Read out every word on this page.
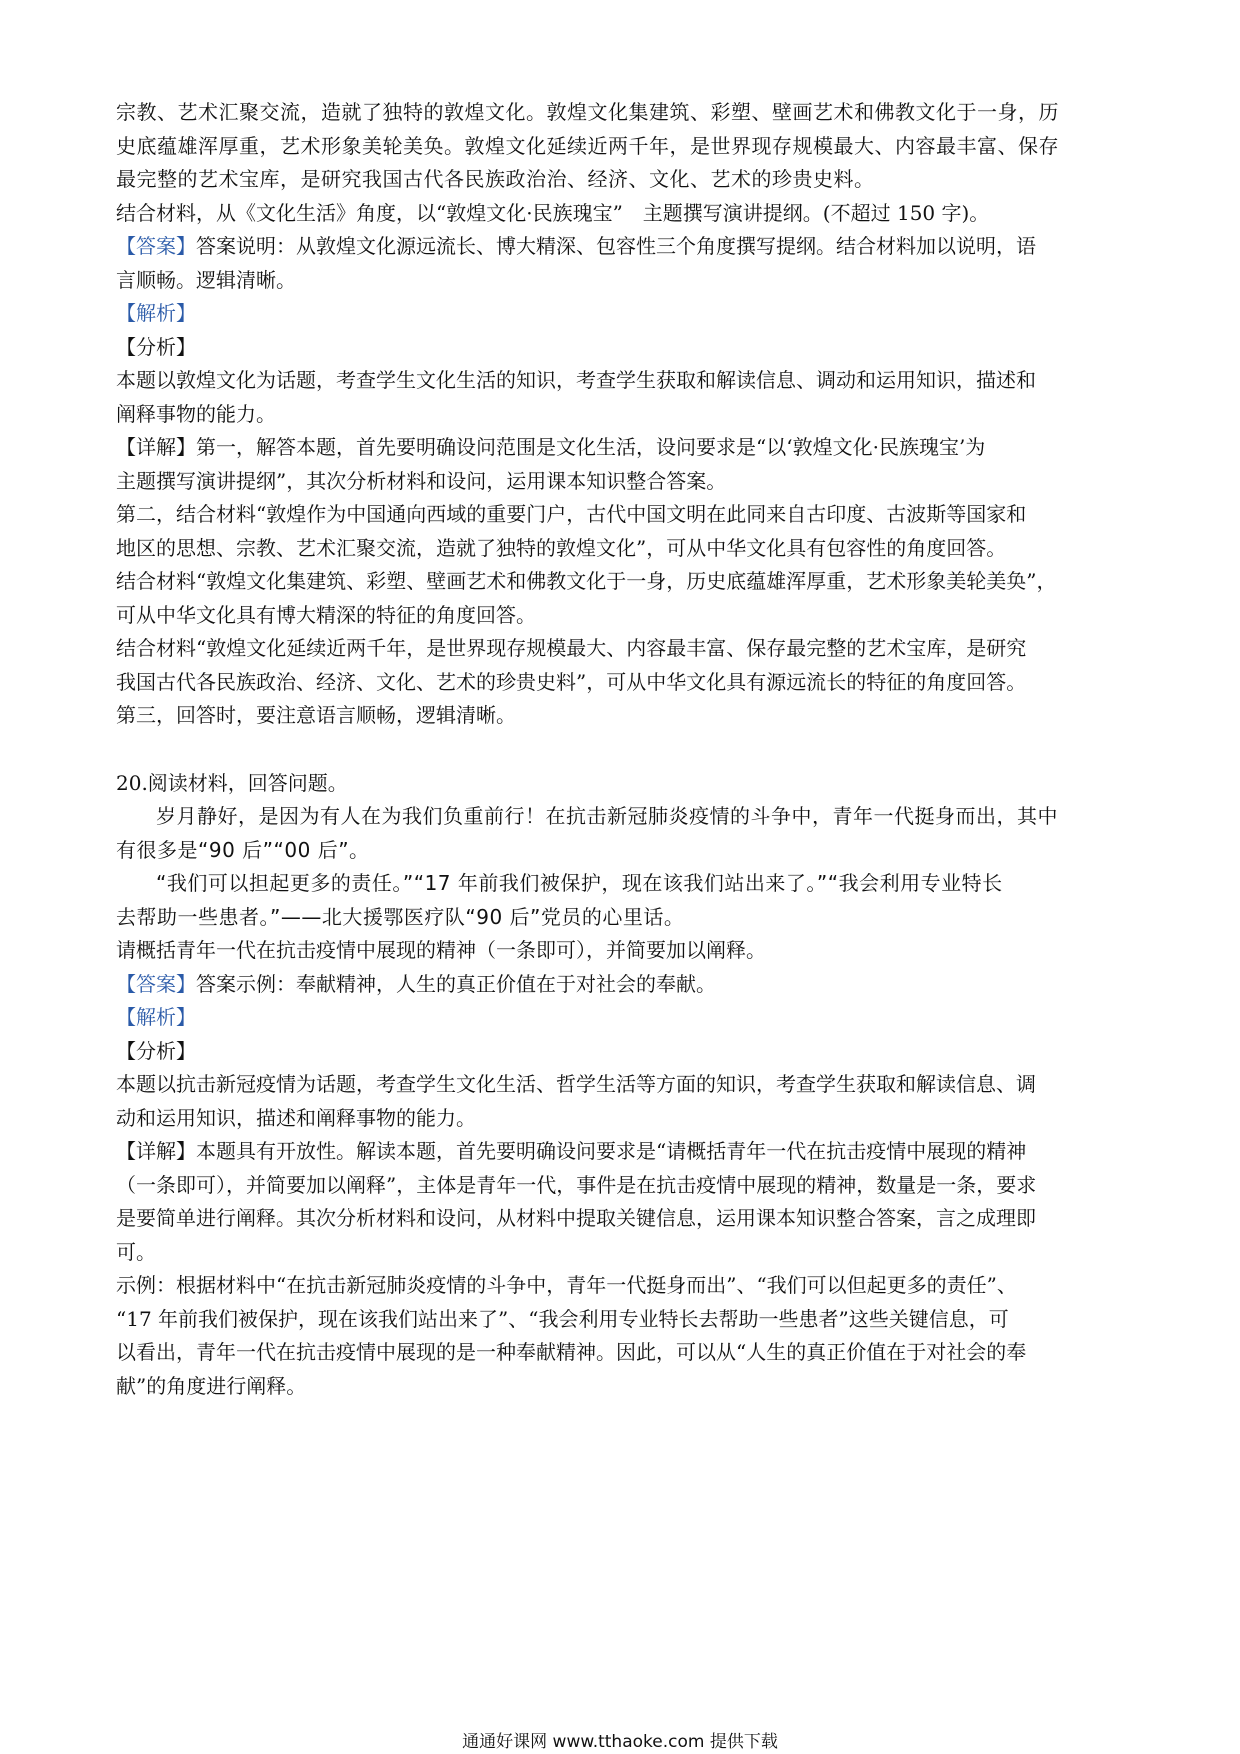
宗教、艺术汇聚交流，造就了独特的敦煌文化。敦煌文化集建筑、彩塑、壁画艺术和佛教文化于一身，历
史底蕴雄浑厚重，艺术形象美轮美奂。敦煌文化延续近两千年，是世界现存规模最大、内容最丰富、保存
最完整的艺术宝库，是研究我国古代各民族政治治、经济、文化、艺术的珍贵史料。
结合材料，从《文化生活》角度，以“敦煌文化·民族瑰宝”　主题撰写演讲提纲。(不超过 150 字)。
【答案】答案说明：从敦煌文化源远流长、博大精深、包容性三个角度撰写提纲。结合材料加以说明，语
言顺畅。逻辑清晰。
【解析】
【分析】
本题以敦煌文化为话题，考查学生文化生活的知识，考查学生获取和解读信息、调动和运用知识，描述和
阐释事物的能力。
【详解】第一，解答本题，首先要明确设问范围是文化生活，设问要求是“以‘敦煌文化·民族瑰宝’为
主题撰写演讲提纲”，其次分析材料和设问，运用课本知识整合答案。
第二，结合材料“敦煌作为中国通向西域的重要门户，古代中国文明在此同来自古印度、古波斯等国家和
地区的思想、宗教、艺术汇聚交流，造就了独特的敦煌文化”，可从中华文化具有包容性的角度回答。
结合材料“敦煌文化集建筑、彩塑、壁画艺术和佛教文化于一身，历史底蕴雄浑厚重，艺术形象美轮美奂”，
可从中华文化具有博大精深的特征的角度回答。
结合材料“敦煌文化延续近两千年，是世界现存规模最大、内容最丰富、保存最完整的艺术宝库，是研究
我国古代各民族政治、经济、文化、艺术的珍贵史料”，可从中华文化具有源远流长的特征的角度回答。
第三，回答时，要注意语言顺畅，逻辑清晰。
20.阅读材料，回答问题。
岁月静好，是因为有人在为我们负重前行！在抗击新冠肺炎疫情的斗争中，青年一代挺身而出，其中
有很多是“90 后”“00 后”。
“我们可以担起更多的责任。”“17 年前我们被保护，现在该我们站出来了。”“我会利用专业特长
去帮助一些患者。”——北大援鄂医疗队“90 后”党员的心里话。
请概括青年一代在抗击疫情中展现的精神（一条即可），并简要加以阐释。
【答案】答案示例：奉献精神，人生的真正价值在于对社会的奉献。
【解析】
【分析】
本题以抗击新冠疫情为话题，考查学生文化生活、哲学生活等方面的知识，考查学生获取和解读信息、调
动和运用知识，描述和阐释事物的能力。
【详解】本题具有开放性。解读本题，首先要明确设问要求是“请概括青年一代在抗击疫情中展现的精神
（一条即可），并简要加以阐释”，主体是青年一代，事件是在抗击疫情中展现的精神，数量是一条，要求
是要简单进行阐释。其次分析材料和设问，从材料中提取关键信息，运用课本知识整合答案，言之成理即
可。
示例：根据材料中“在抗击新冠肺炎疫情的斗争中，青年一代挺身而出”、“我们可以但起更多的责任”、
“17 年前我们被保护，现在该我们站出来了”、“我会利用专业特长去帮助一些患者”这些关键信息，可
以看出，青年一代在抗击疫情中展现的是一种奉献精神。因此，可以从“人生的真正价值在于对社会的奉
献”的角度进行阐释。
通通好课网 www.tthaoke.com 提供下载
